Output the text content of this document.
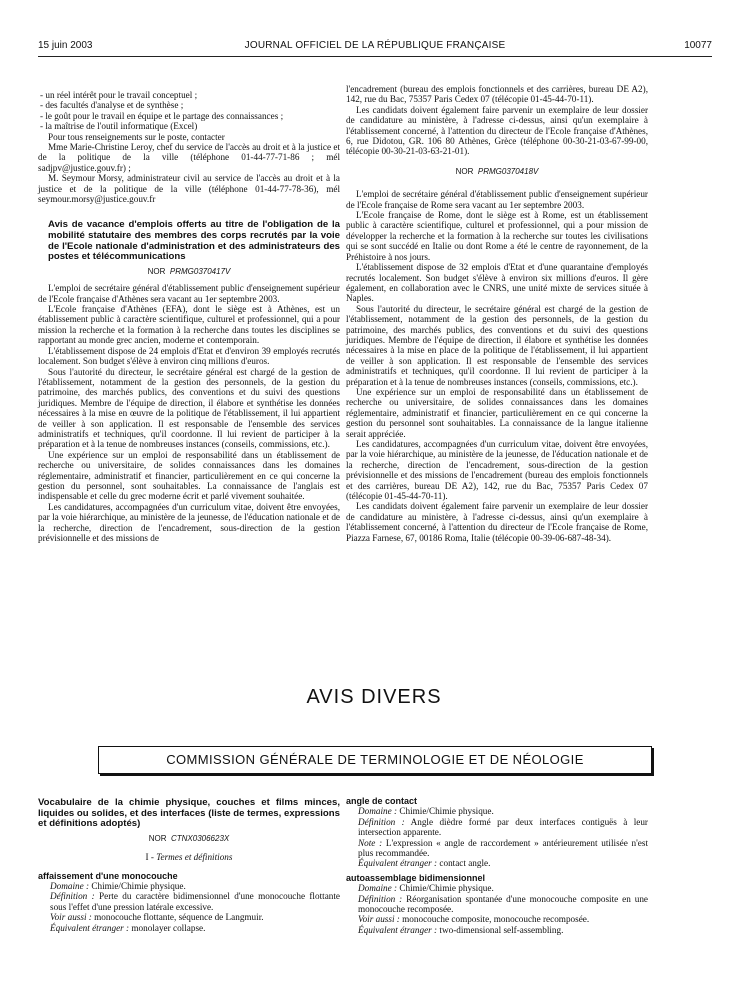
15 juin 2003	JOURNAL OFFICIEL DE LA RÉPUBLIQUE FRANÇAISE	10077
- un réel intérêt pour le travail conceptuel ;
- des facultés d'analyse et de synthèse ;
- le goût pour le travail en équipe et le partage des connaissances ;
- la maîtrise de l'outil informatique (Excel)

Pour tous renseignements sur le poste, contacter

Mme Marie-Christine Leroy, chef du service de l'accès au droit et à la justice et de la politique de la ville (téléphone 01-44-77-71-86 ; mél sadjpv@justice.gouv.fr) ;

M. Seymour Morsy, administrateur civil au service de l'accès au droit et à la justice et de la politique de la ville (téléphone 01-44-77-78-36), mél seymour.morsy@justice.gouv.fr

Avis de vacance d'emplois offerts au titre de l'obligation de la mobilité statutaire des membres des corps recrutés par la voie de l'Ecole nationale d'administration et des administrateurs des postes et télécommunications
NOR PRMG0370417V

L'emploi de secrétaire général d'établissement public d'enseignement supérieur de l'Ecole française d'Athènes sera vacant au 1er septembre 2003.

L'Ecole française d'Athènes (EFA), dont le siège est à Athènes, est un établissement public à caractère scientifique, culturel et professionnel, qui a pour mission la recherche et la formation à la recherche dans toutes les disciplines se rapportant au monde grec ancien, moderne et contemporain.

L'établissement dispose de 24 emplois d'Etat et d'environ 39 employés recrutés localement. Son budget s'élève à environ cinq millions d'euros.

Sous l'autorité du directeur, le secrétaire général est chargé de la gestion de l'établissement, notamment de la gestion des personnels, de la gestion du patrimoine, des marchés publics, des conventions et du suivi des questions juridiques. Membre de l'équipe de direction, il élabore et synthétise les données nécessaires à la mise en œuvre de la politique de l'établissement, il lui appartient de veiller à son application. Il est responsable de l'ensemble des services administratifs et techniques, qu'il coordonne. Il lui revient de participer à la préparation et à la tenue de nombreuses instances (conseils, commissions, etc.).

Une expérience sur un emploi de responsabilité dans un établissement de recherche ou universitaire, de solides connaissances dans les domaines réglementaire, administratif et financier, particulièrement en ce qui concerne la gestion du personnel, sont souhaitables. La connaissance de l'anglais est indispensable et celle du grec moderne écrit et parlé vivement souhaitée.

Les candidatures, accompagnées d'un curriculum vitae, doivent être envoyées, par la voie hiérarchique, au ministère de la jeunesse, de l'éducation nationale et de la recherche, direction de l'encadrement, sous-direction de la gestion prévisionnelle et des missions de

l'encadrement (bureau des emplois fonctionnels et des carrières, bureau DE A2), 142, rue du Bac, 75357 Paris Cedex 07 (télécopie 01-45-44-70-11).

Les candidats doivent également faire parvenir un exemplaire de leur dossier de candidature au ministère, à l'adresse ci-dessus, ainsi qu'un exemplaire à l'établissement concerné, à l'attention du directeur de l'Ecole française d'Athènes, 6, rue Didotou, GR. 106 80 Athènes, Grèce (téléphone 00-30-21-03-67-99-00, télécopie 00-30-21-03-63-21-01).

NOR PRMG0370418V

L'emploi de secrétaire général d'établissement public d'enseignement supérieur de l'Ecole française de Rome sera vacant au 1er septembre 2003.

L'Ecole française de Rome, dont le siège est à Rome, est un établissement public à caractère scientifique, culturel et professionnel, qui a pour mission de développer la recherche et la formation à la recherche sur toutes les civilisations qui se sont succédé en Italie ou dont Rome a été le centre de rayonnement, de la Préhistoire à nos jours.

L'établissement dispose de 32 emplois d'Etat et d'une quarantaine d'employés recrutés localement. Son budget s'élève à environ six millions d'euros. Il gère également, en collaboration avec le CNRS, une unité mixte de services située à Naples.

Sous l'autorité du directeur, le secrétaire général est chargé de la gestion de l'établissement, notamment de la gestion des personnels, de la gestion du patrimoine, des marchés publics, des conventions et du suivi des questions juridiques. Membre de l'équipe de direction, il élabore et synthétise les données nécessaires à la mise en place de la politique de l'établissement, il lui appartient de veiller à son application. Il est responsable de l'ensemble des services administratifs et techniques, qu'il coordonne. Il lui revient de participer à la préparation et à la tenue de nombreuses instances (conseils, commissions, etc.).

Une expérience sur un emploi de responsabilité dans un établissement de recherche ou universitaire, de solides connaissances dans les domaines réglementaire, administratif et financier, particulièrement en ce qui concerne la gestion du personnel sont souhaitables. La connaissance de la langue italienne serait appréciée.

Les candidatures, accompagnées d'un curriculum vitae, doivent être envoyées, par la voie hiérarchique, au ministère de la jeunesse, de l'éducation nationale et de la recherche, direction de l'encadrement, sous-direction de la gestion prévisionnelle et des missions de l'encadrement (bureau des emplois fonctionnels et des carrières, bureau DE A2), 142, rue du Bac, 75357 Paris Cedex 07 (télécopie 01-45-44-70-11).

Les candidats doivent également faire parvenir un exemplaire de leur dossier de candidature au ministère, à l'adresse ci-dessus, ainsi qu'un exemplaire à l'établissement concerné, à l'attention du directeur de l'Ecole française de Rome, Piazza Farnese, 67, 00186 Roma, Italie (télécopie 00-39-06-687-48-34).

AVIS DIVERS
COMMISSION GÉNÉRALE DE TERMINOLOGIE ET DE NÉOLOGIE
Vocabulaire de la chimie physique, couches et films minces, liquides ou solides, et des interfaces (liste de termes, expressions et définitions adoptés)
NOR CTNX0306623X
I - Termes et définitions
affaissement d'une monocouche
Domaine : Chimie/Chimie physique.
Définition : Perte du caractère bidimensionnel d'une monocouche flottante sous l'effet d'une pression latérale excessive.
Voir aussi : monocouche flottante, séquence de Langmuir.
Équivalent étranger : monolayer collapse.
angle de contact
Domaine : Chimie/Chimie physique.
Définition : Angle dièdre formé par deux interfaces contiguës à leur intersection apparente.
Note : L'expression « angle de raccordement » antérieurement utilisée n'est plus recommandée.
Équivalent étranger : contact angle.
autoassemblage bidimensionnel
Domaine : Chimie/Chimie physique.
Définition : Réorganisation spontanée d'une monocouche composite en une monocouche recomposée.
Voir aussi : monocouche composite, monocouche recomposée.
Équivalent étranger : two-dimensional self-assembling.
